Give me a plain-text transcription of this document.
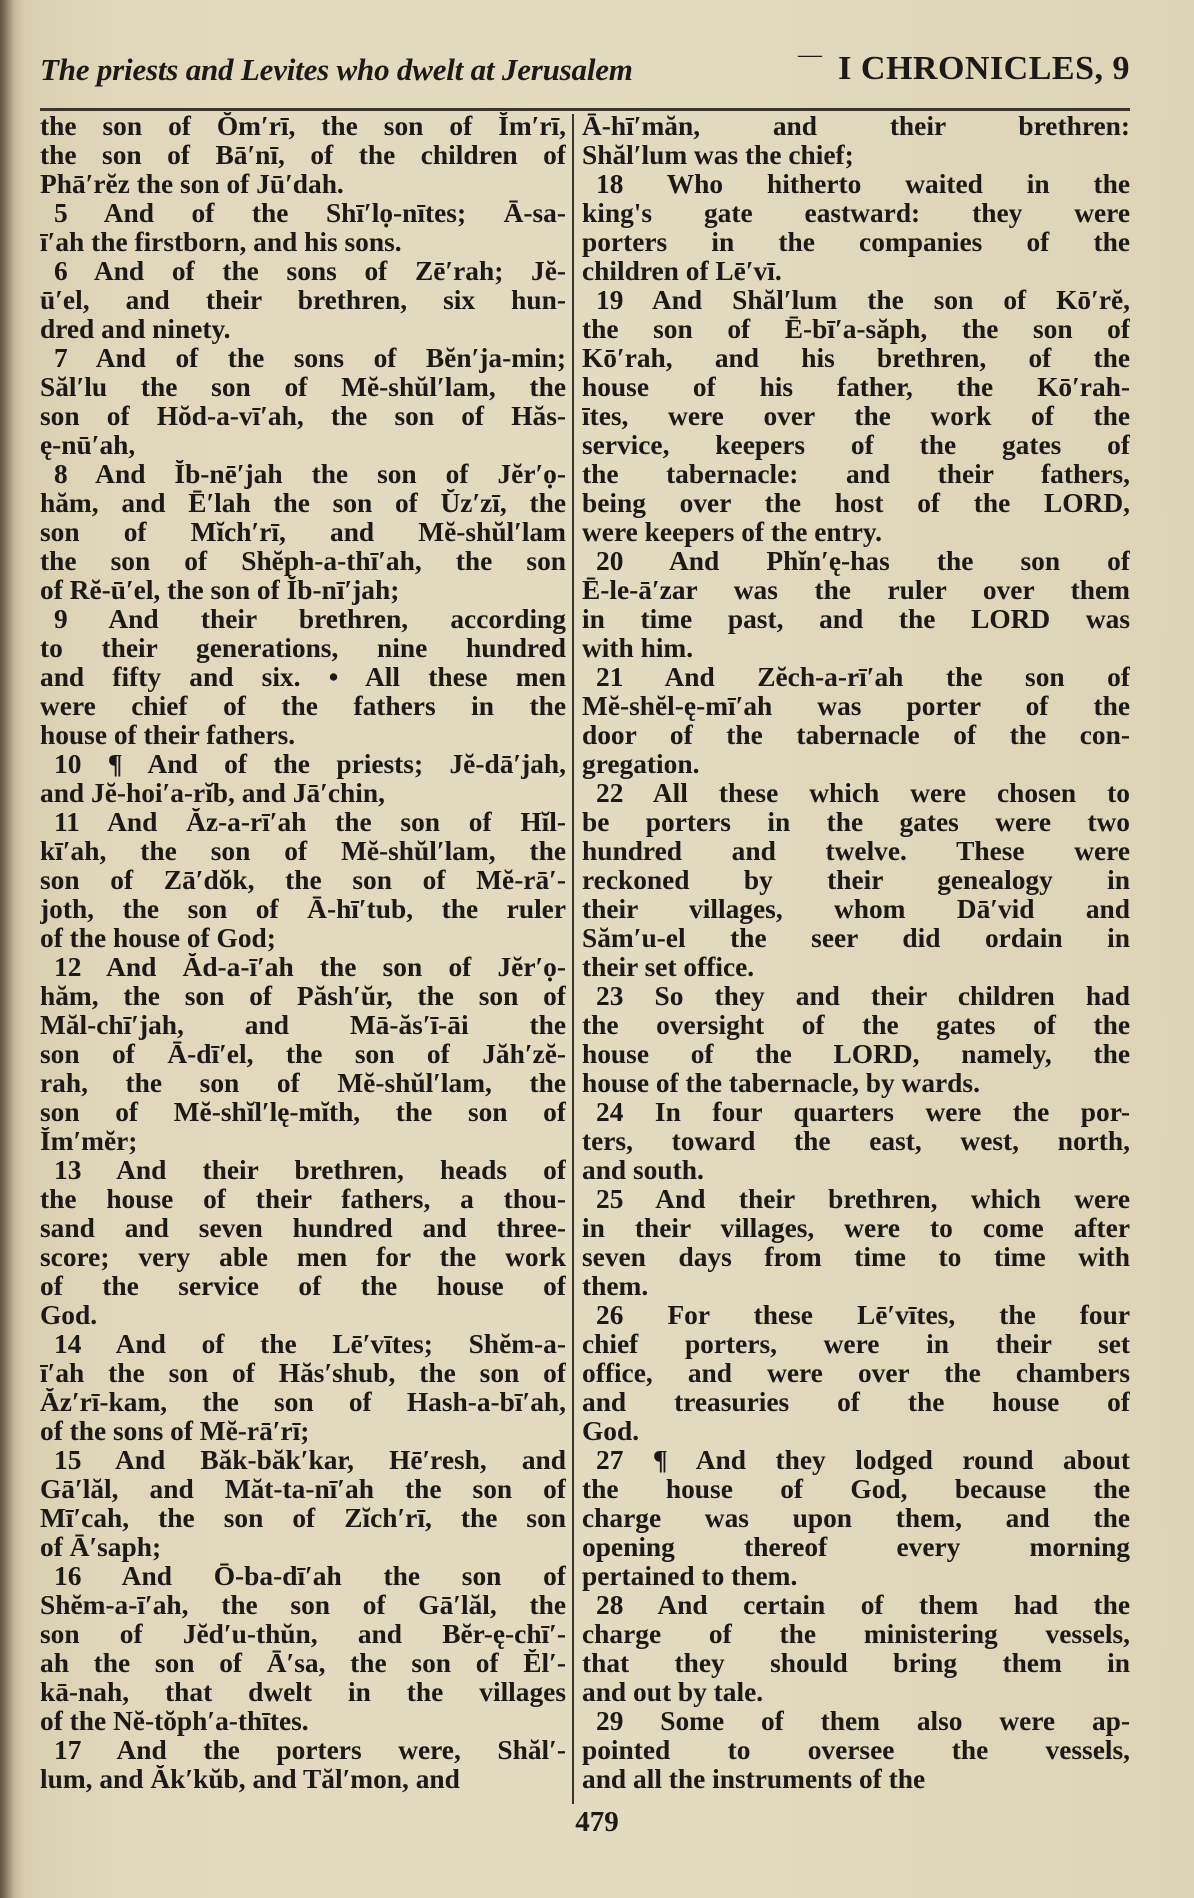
The priests and Levites who dwelt at Jerusalem	— I CHRONICLES, 9
the son of Ŏm′rī, the son of Ĭm′rī,
the son of Bā′nī, of the children of
Phā′rĕz the son of Jū′dah.
5 And of the Shī′lọ-nītes; Ā-sa-
ī′ah the firstborn, and his sons.
6 And of the sons of Zē′rah; Jĕ-
ū′el, and their brethren, six hun-
dred and ninety.
7 And of the sons of Bĕn′ja-min;
Săl′lu the son of Mĕ-shŭl′lam, the
son of Hŏd-a-vī′ah, the son of Hăs-
ę-nū′ah,
8 And Ĭb-nē′jah the son of Jĕr′ọ-
hăm, and Ē′lah the son of Ŭz′zī, the
son of Mĭch′rī, and Mĕ-shŭl′lam
the son of Shĕph-a-thī′ah, the son
of Rĕ-ū′el, the son of Ĭb-nī′jah;
9 And their brethren, according
to their generations, nine hundred
and fifty and six. • All these men
were chief of the fathers in the
house of their fathers.
10 ¶ And of the priests; Jĕ-dā′jah,
and Jĕ-hoi′a-rĭb, and Jā′chin,
11 And Ăz-a-rī′ah the son of Hĭl-
kī′ah, the son of Mĕ-shŭl′lam, the
son of Zā′dŏk, the son of Mĕ-rā′-
joth, the son of Ā-hī′tub, the ruler
of the house of God;
12 And Ăd-a-ī′ah the son of Jĕr′ọ-
hăm, the son of Păsh′ŭr, the son of
Măl-chī′jah, and Mā-ăs′ī-āi the
son of Ā-dī′el, the son of Jăh′zĕ-
rah, the son of Mĕ-shŭl′lam, the
son of Mĕ-shĭl′lę-mĭth, the son of
Ĭm′mĕr;
13 And their brethren, heads of
the house of their fathers, a thou-
sand and seven hundred and three-
score; very able men for the work
of the service of the house of
God.
14 And of the Lē′vītes; Shĕm-a-
ī′ah the son of Hăs′shub, the son of
Ăz′rī-kam, the son of Hash-a-bī′ah,
of the sons of Mĕ-rā′rī;
15 And Băk-băk′kar, Hē′resh, and
Gā′lăl, and Măt-ta-nī′ah the son of
Mī′cah, the son of Zĭch′rī, the son
of Ā′saph;
16 And Ō-ba-dī′ah the son of
Shĕm-a-ī′ah, the son of Gā′lăl, the
son of Jĕd′u-thŭn, and Bĕr-ę-chī′-
ah the son of Ā′sa, the son of Ĕl′-
kā-nah, that dwelt in the villages
of the Nĕ-tŏph′a-thītes.
17 And the porters were, Shăl′-
lum, and Ăk′kŭb, and Tăl′mon, and
Ā-hī′măn, and their brethren:
Shăl′lum was the chief;
18 Who hitherto waited in the
king's gate eastward: they were
porters in the companies of the
children of Lē′vī.
19 And Shăl′lum the son of Kō′rĕ,
the son of Ē-bī′a-săph, the son of
Kō′rah, and his brethren, of the
house of his father, the Kō′rah-
ītes, were over the work of the
service, keepers of the gates of
the tabernacle: and their fathers,
being over the host of the LORD,
were keepers of the entry.
20 And Phĭn′ę-has the son of
Ē-le-ā′zar was the ruler over them
in time past, and the LORD was
with him.
21 And Zĕch-a-rī′ah the son of
Mĕ-shĕl-ę-mī′ah was porter of the
door of the tabernacle of the con-
gregation.
22 All these which were chosen to
be porters in the gates were two
hundred and twelve. These were
reckoned by their genealogy in
their villages, whom Dā′vid and
Săm′u-el the seer did ordain in
their set office.
23 So they and their children had
the oversight of the gates of the
house of the LORD, namely, the
house of the tabernacle, by wards.
24 In four quarters were the por-
ters, toward the east, west, north,
and south.
25 And their brethren, which were
in their villages, were to come after
seven days from time to time with
them.
26 For these Lē′vītes, the four
chief porters, were in their set
office, and were over the chambers
and treasuries of the house of
God.
27 ¶ And they lodged round about
the house of God, because the
charge was upon them, and the
opening thereof every morning
pertained to them.
28 And certain of them had the
charge of the ministering vessels,
that they should bring them in
and out by tale.
29 Some of them also were ap-
pointed to oversee the vessels,
and all the instruments of the
479
